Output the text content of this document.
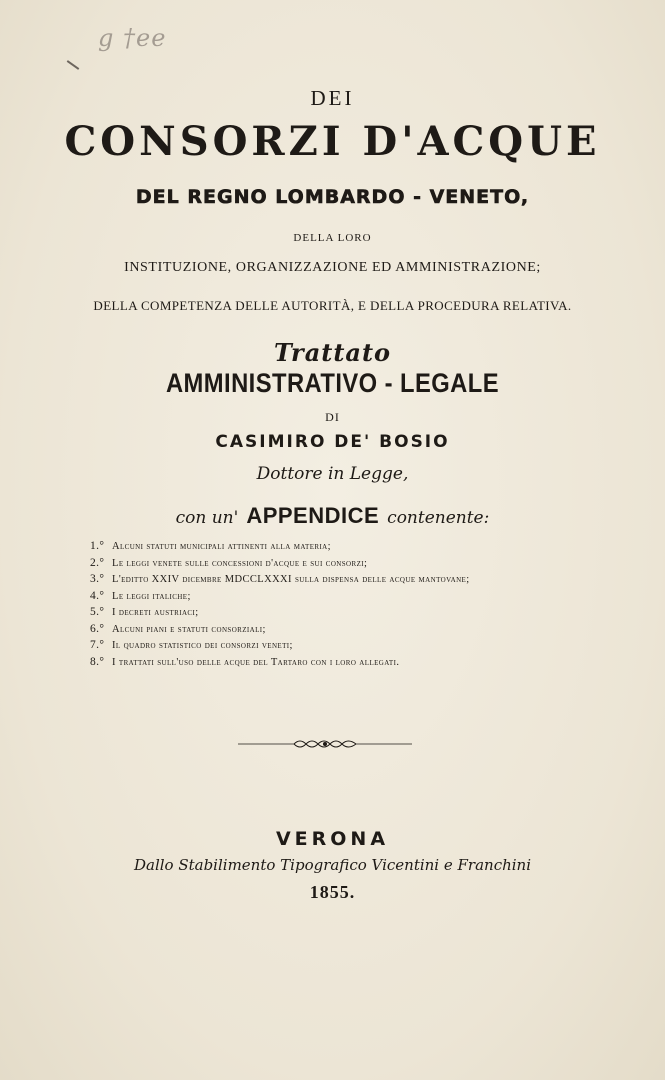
g †ee
DEI
CONSORZI D'ACQUE
DEL REGNO LOMBARDO - VENETO,
DELLA LORO
INSTITUZIONE, ORGANIZZAZIONE ED AMMINISTRAZIONE;
DELLA COMPETENZA DELLE AUTORITÀ, E DELLA PROCEDURA RELATIVA.
Trattato
AMMINISTRATIVO - LEGALE
DI
CASIMIRO DE' BOSIO
Dottore in Legge,
con un' APPENDICE contenente:
1.° Alcuni statuti municipali attinenti alla materia;
2.° Le leggi venete sulle concessioni d'acque e sui consorzi;
3.° L'editto XXIV dicembre MDCCLXXXI sulla dispensa delle acque mantovane;
4.° Le leggi italiche;
5.° I decreti austriaci;
6.° Alcuni piani e statuti consorziali;
7.° Il quadro statistico dei consorzi veneti;
8.° I trattati sull'uso delle acque del Tartaro con i loro allegati.
VERONA
Dallo Stabilimento Tipografico Vicentini e Franchini
1855.
